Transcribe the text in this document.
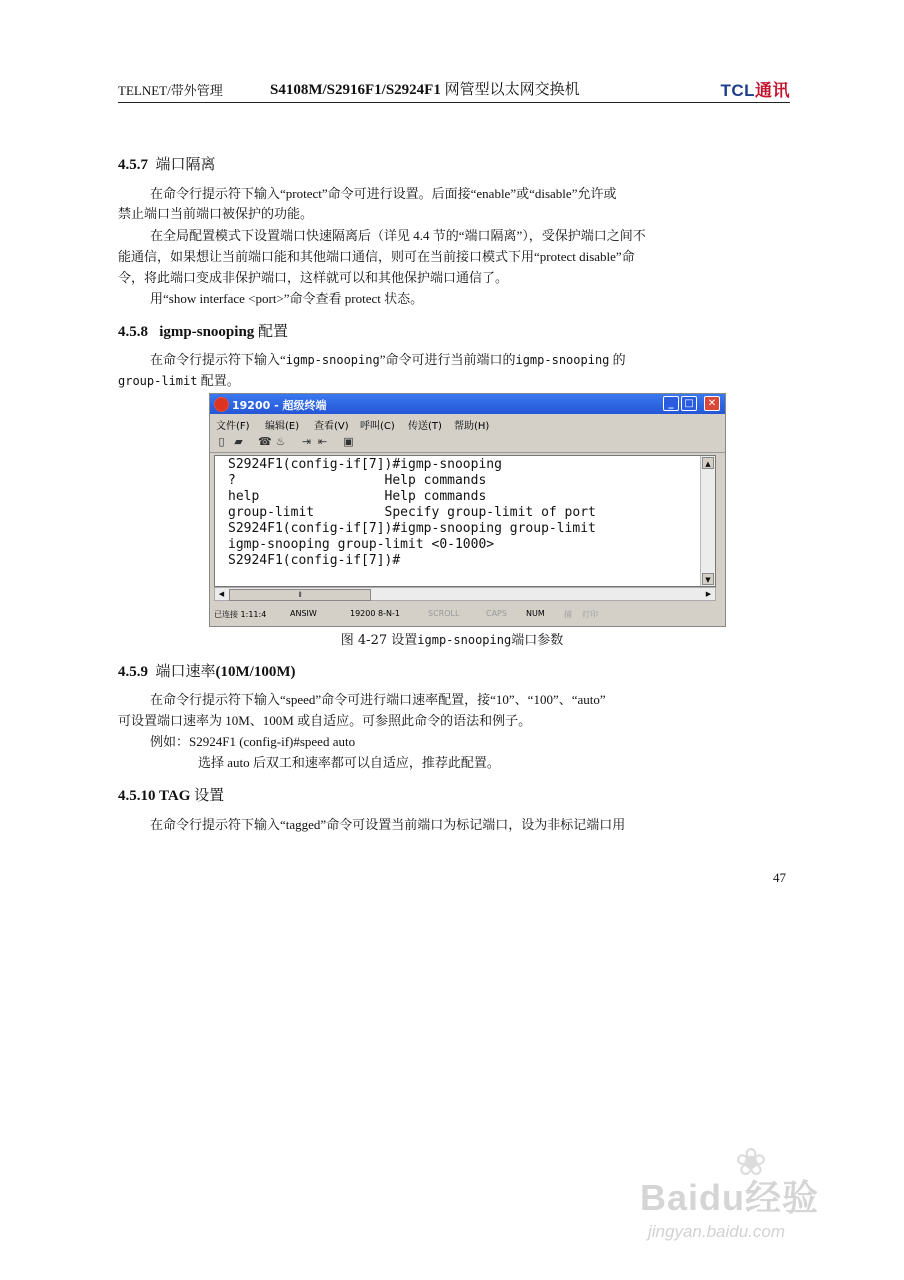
TELNET/带外管理	S4108M/S2916F1/S2924F1 网管型以太网交换机	TCL通讯
4.5.7 端口隔离
在命令行提示符下输入“protect”命令可进行设置。后面接“enable”或“disable”允许或
禁止端口当前端口被保护的功能。
在全局配置模式下设置端口快速隔离后（详见 4.4 节的“端口隔离”），受保护端口之间不
能通信，如果想让当前端口能和其他端口通信，则可在当前接口模式下用“protect disable”命
令，将此端口变成非保护端口，这样就可以和其他保护端口通信了。
用“show interface <port>”命令查看 protect 状态。
4.5.8 igmp-snooping 配置
在命令行提示符下输入“igmp-snooping”命令可进行当前端口的igmp-snooping 的
group-limit 配置。
19200 - 超级终端	_	□	✕
文件(F) 编辑(E) 查看(V) 呼叫(C) 传送(T) 帮助(H)
▯ ▰ ☎ ♨ ⇥ ⇤ ▣
S2924F1(config-if[7])#igmp-snooping
?                   Help commands
help                Help commands
group-limit         Specify group-limit of port
S2924F1(config-if[7])#igmp-snooping group-limit
igmp-snooping group-limit <0-1000>
S2924F1(config-if[7])#
▲
▼
◀	⦀	▶
已连接 1:11:4	ANSIW	19200 8-N-1	SCROLL	CAPS NUM 捕 打印
图 4-27 设置igmp-snooping端口参数
4.5.9 端口速率(10M/100M)
在命令行提示符下输入“speed”命令可进行端口速率配置，接“10”、“100”、“auto”
可设置端口速率为 10M、100M 或自适应。可参照此命令的语法和例子。
例如：S2924F1 (config-if)#speed auto
选择 auto 后双工和速率都可以自适应，推荐此配置。
4.5.10 TAG 设置
在命令行提示符下输入“tagged”命令可设置当前端口为标记端口，设为非标记端口用
47
❀
Baidu经验
jingyan.baidu.com
